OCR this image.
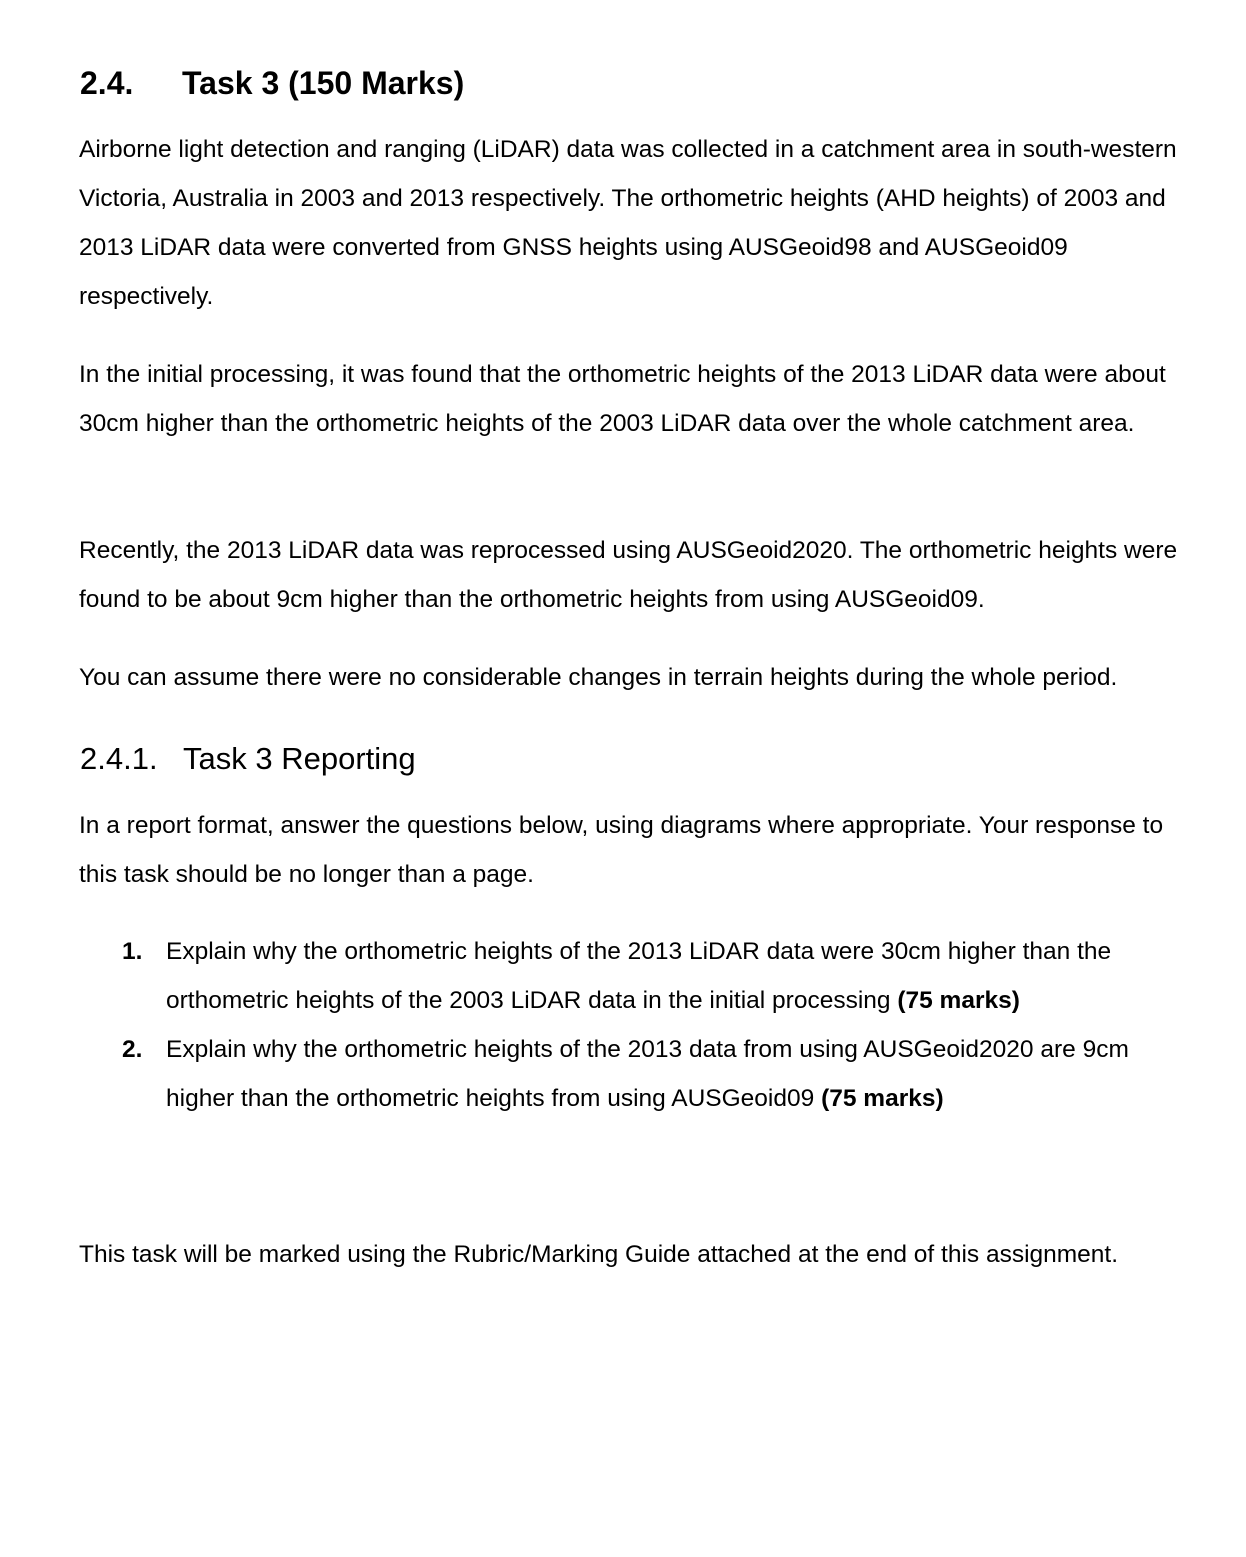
2.4. Task 3 (150 Marks)

Airborne light detection and ranging (LiDAR) data was collected in a catchment area in south-western Victoria, Australia in 2003 and 2013 respectively. The orthometric heights (AHD heights) of 2003 and 2013 LiDAR data were converted from GNSS heights using AUSGeoid98 and AUSGeoid09 respectively.

In the initial processing, it was found that the orthometric heights of the 2013 LiDAR data were about 30cm higher than the orthometric heights of the 2003 LiDAR data over the whole catchment area.

Recently, the 2013 LiDAR data was reprocessed using AUSGeoid2020. The orthometric heights were found to be about 9cm higher than the orthometric heights from using AUSGeoid09.

You can assume there were no considerable changes in terrain heights during the whole period.

2.4.1. Task 3 Reporting

In a report format, answer the questions below, using diagrams where appropriate. Your response to this task should be no longer than a page.

1. Explain why the orthometric heights of the 2013 LiDAR data were 30cm higher than the orthometric heights of the 2003 LiDAR data in the initial processing (75 marks)
2. Explain why the orthometric heights of the 2013 data from using AUSGeoid2020 are 9cm higher than the orthometric heights from using AUSGeoid09 (75 marks)

This task will be marked using the Rubric/Marking Guide attached at the end of this assignment.
